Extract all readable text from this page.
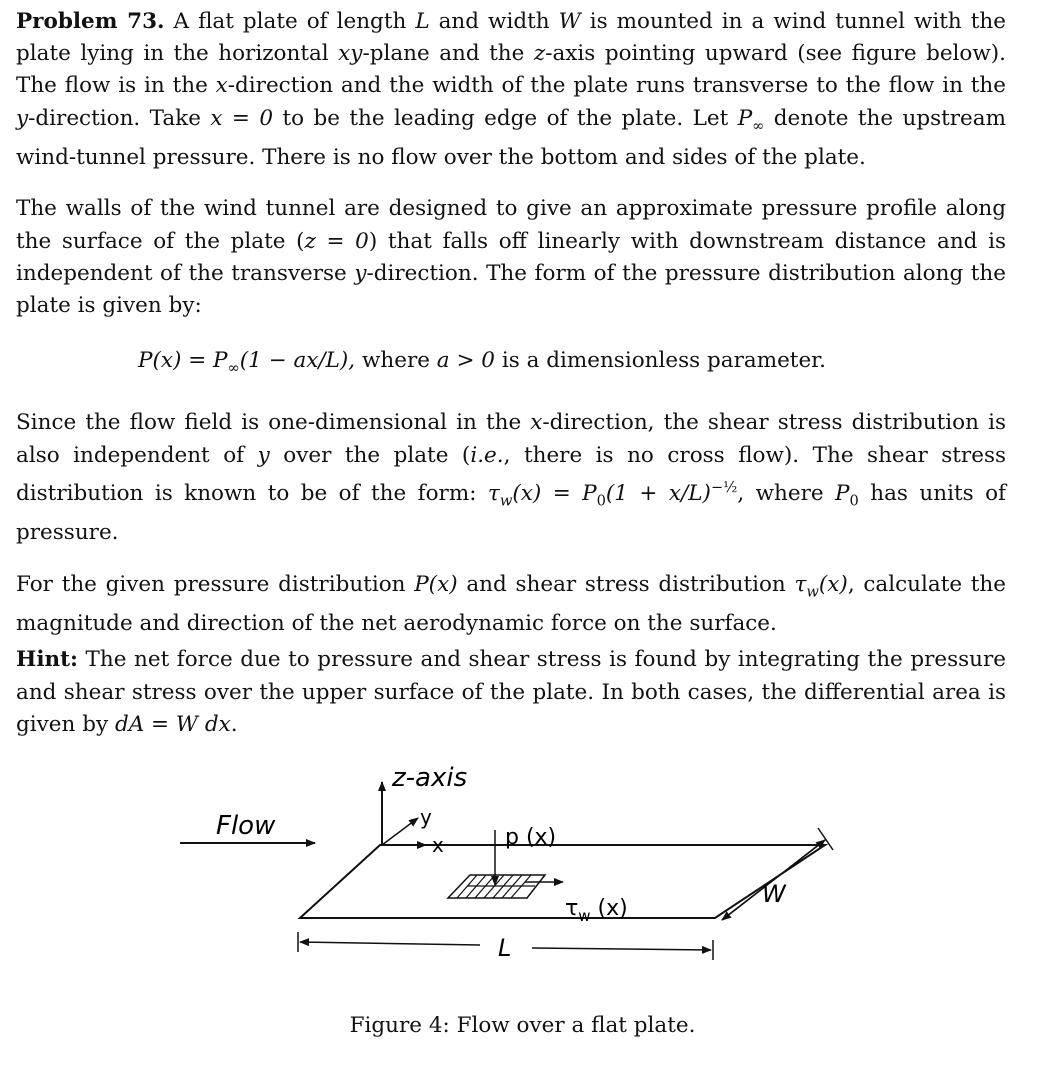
Problem 73. A flat plate of length L and width W is mounted in a wind tunnel with the plate lying in the horizontal xy-plane and the z-axis pointing upward (see figure below). The flow is in the x-direction and the width of the plate runs transverse to the flow in the y-direction. Take x = 0 to be the leading edge of the plate. Let $P_\infty$ denote the upstream wind-tunnel pressure. There is no flow over the bottom and sides of the plate.

The walls of the wind tunnel are designed to give an approximate pressure profile along the surface of the plate (z = 0) that falls off linearly with downstream distance and is independent of the transverse y-direction. The form of the pressure distribution along the plate is given by:

$P(x) = P_\infty(1 - ax/L)$, where a > 0 is a dimensionless parameter.

Since the flow field is one-dimensional in the x-direction, the shear stress distribution is also independent of y over the plate (i.e., there is no cross flow). The shear stress distribution is known to be of the form: $\tau_w(x) = P_0(1 + x/L)^{-\frac{1}{2}}$, where $P_0$ has units of pressure.

For the given pressure distribution P(x) and shear stress distribution $\tau_w(x)$, calculate the magnitude and direction of the net aerodynamic force on the surface.

Hint: The net force due to pressure and shear stress is found by integrating the pressure and shear stress over the upper surface of the plate. In both cases, the differential area is given by dA = W dx.

Flow
z-axis
y
x	p (x)
$\tau_w$ (x)
W
L
Figure 4: Flow over a flat plate.
